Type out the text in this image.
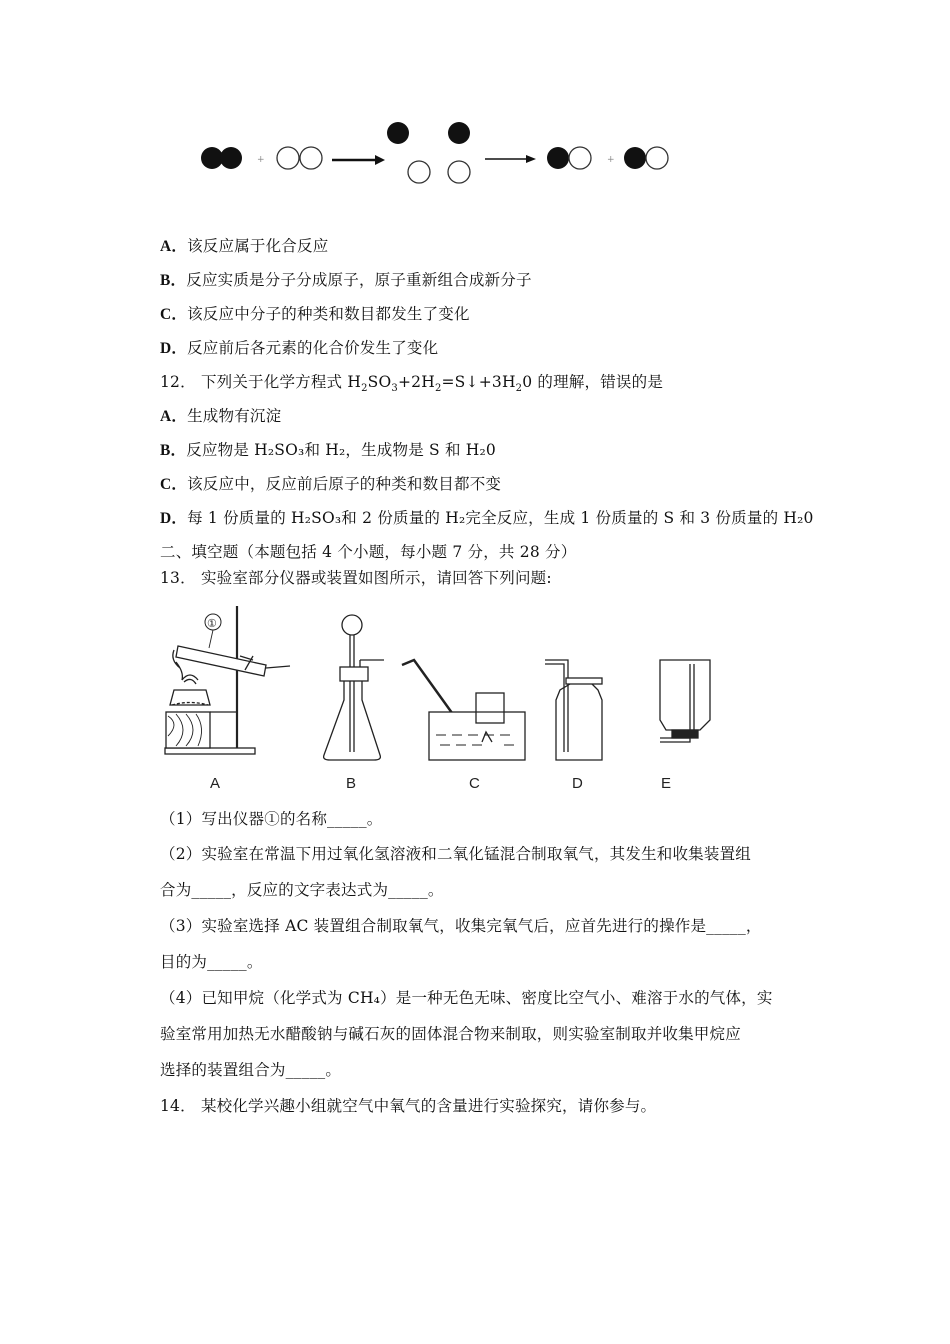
+	+
A．该反应属于化合反应
B．反应实质是分子分成原子，原子重新组合成新分子
C．该反应中分子的种类和数目都发生了变化
D．反应前后各元素的化合价发生了变化
12． 下列关于化学方程式 $H_2SO_3+2H_2=S↓+3H_20$ 的理解，错误的是
A．生成物有沉淀
B．反应物是 H₂SO₃和 H₂，生成物是 S 和 H₂0
C．该反应中，反应前后原子的种类和数目都不变
D．每 1 份质量的 H₂SO₃和 2 份质量的 H₂完全反应，生成 1 份质量的 S 和 3 份质量的 H₂0
二、填空题（本题包括 4 个小题，每小题 7 分，共 28 分）
13． 实验室部分仪器或装置如图所示，请回答下列问题:
①
A	B	C	D	E
（1）写出仪器①的名称_____。
（2）实验室在常温下用过氧化氢溶液和二氧化锰混合制取氧气，其发生和收集装置组
合为_____，反应的文字表达式为_____。
（3）实验室选择 AC 装置组合制取氧气，收集完氧气后，应首先进行的操作是_____，
目的为_____。
（4）已知甲烷（化学式为 CH₄）是一种无色无味、密度比空气小、难溶于水的气体，实
验室常用加热无水醋酸钠与碱石灰的固体混合物来制取，则实验室制取并收集甲烷应
选择的装置组合为_____。
14． 某校化学兴趣小组就空气中氧气的含量进行实验探究，请你参与。
